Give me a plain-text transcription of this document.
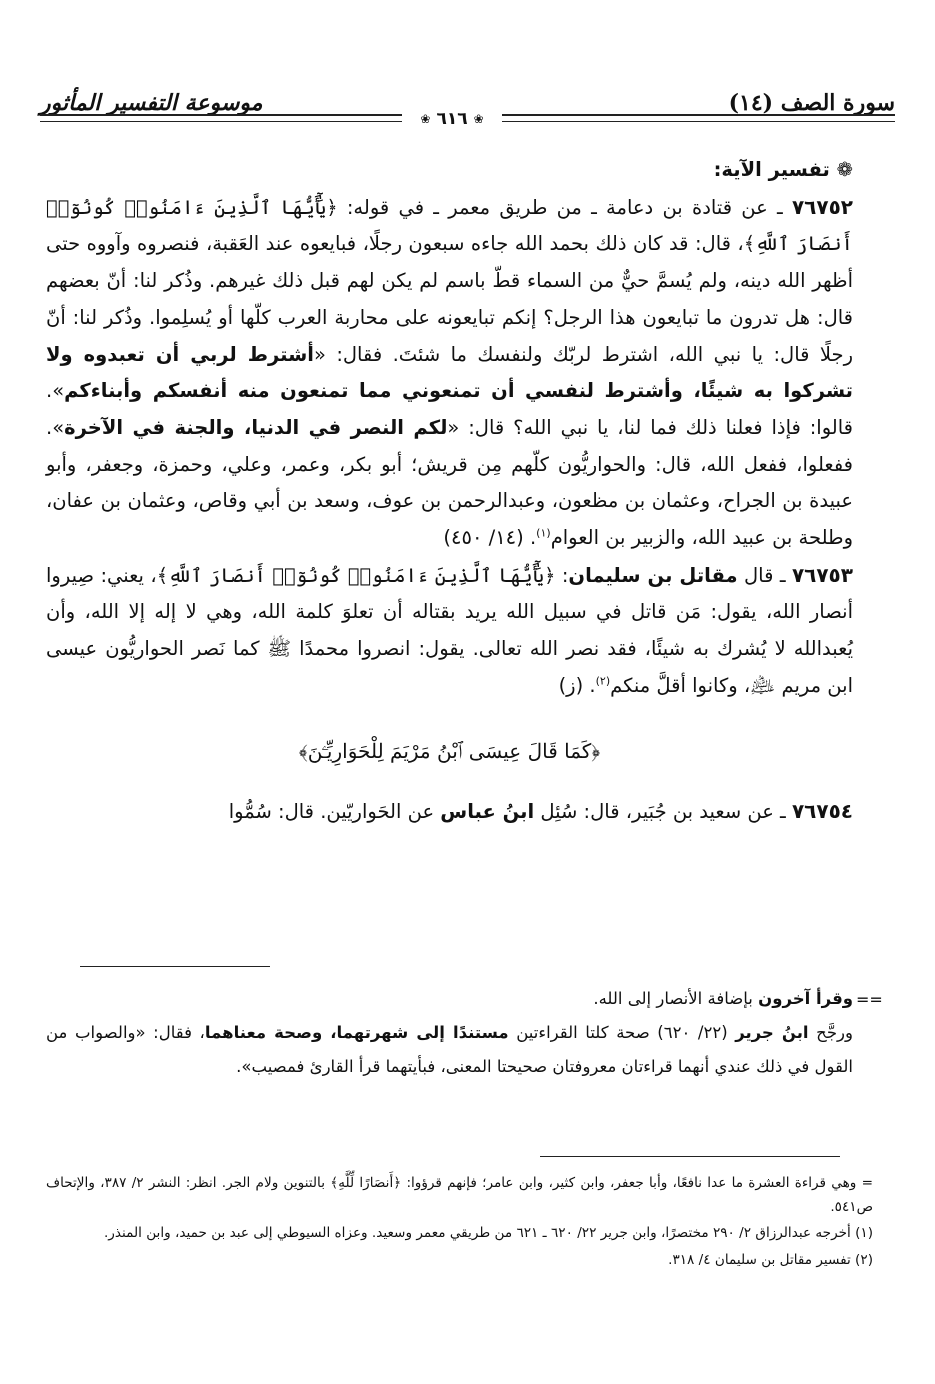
سورة الصف (١٤)
موسوعة التفسير المأثور
❀
٦١٦
❀

❁ تفسير الآية:

٧٦٧٥٢ ـ عن قتادة بن دعامة ـ من طريق معمر ـ في قوله: ﴿يَٰٓأَيُّهَا ٱلَّذِينَ ءَامَنُوا۟ كُونُوٓا۟ أَنصَارَ ٱللَّهِ﴾، قال: قد كان ذلك بحمد الله جاءه سبعون رجلًا، فبايعوه عند العَقبة، فنصروه وآووه حتى أظهر الله دينه، ولم يُسمَّ حيٌّ من السماء قطّ باسم لم يكن لهم قبل ذلك غيرهم. وذُكر لنا: أنّ بعضهم قال: هل تدرون ما تبايعون هذا الرجل؟ إنكم تبايعونه على محاربة العرب كلّها أو يُسلِموا. وذُكر لنا: أنّ رجلًا قال: يا نبي الله، اشترط لربّك ولنفسك ما شئتَ. فقال: «أشترط لربي أن تعبدوه ولا تشركوا به شيئًا، وأشترط لنفسي أن تمنعوني مما تمنعون منه أنفسكم وأبناءكم». قالوا: فإذا فعلنا ذلك فما لنا، يا نبي الله؟ قال: «لكم النصر في الدنيا، والجنة في الآخرة». ففعلوا، ففعل الله، قال: والحواريُّون كلّهم مِن قريش؛ أبو بكر، وعمر، وعلي، وحمزة، وجعفر، وأبو عبيدة بن الجراح، وعثمان بن مظعون، وعبدالرحمن بن عوف، وسعد بن أبي وقاص، وعثمان بن عفان، وطلحة بن عبيد الله، والزبير بن العوام$^{(١)}$. (١٤/ ٤٥٠)

٧٦٧٥٣ ـ قال مقاتل بن سليمان: ﴿يَٰٓأَيُّهَا ٱلَّذِينَ ءَامَنُوا۟ كُونُوٓا۟ أَنصَارَ ٱللَّهِ﴾، يعني: صِيروا أنصار الله، يقول: مَن قاتل في سبيل الله يريد بقتاله أن تعلوَ كلمة الله، وهي لا إله إلا الله، وأن يُعبدالله لا يُشرك به شيئًا، فقد نصر الله تعالى. يقول: انصروا محمدًا ﷺ كما نَصر الحواريُّون عيسى ابن مريم ﵇، وكانوا أقلَّ منكم$^{(٢)}$. (ز)

﴿كَمَا قَالَ عِيسَى ٱبْنُ مَرْيَمَ لِلْحَوَارِيِّـۧنَ﴾

٧٦٧٥٤ ـ عن سعيد بن جُبَير، قال: سُئِل ابنُ عباس عن الحَواريّين. قال: سُمُّوا

==

وقرأ آخرون بإضافة الأنصار إلى الله.

ورجَّح ابنُ جرير (٢٢/ ٦٢٠) صحة كلتا القراءتين مستندًا إلى شهرتهما، وصحة معناهما، فقال: «والصواب من القول في ذلك عندي أنهما قراءتان معروفتان صحيحتا المعنى، فبأيتهما قرأ القارئ فمصيب».

= وهي قراءة العشرة ما عدا نافعًا، وأبا جعفر، وابن كثير، وابن عامر؛ فإنهم قرؤوا: ﴿أَنصَارًا لِّلَّهِ﴾ بالتنوين ولام الجر. انظر: النشر ٢/ ٣٨٧، والإتحاف ص٥٤١.

(١) أخرجه عبدالرزاق ٢/ ٢٩٠ مختصرًا، وابن جرير ٢٢/ ٦٢٠ ـ ٦٢١ من طريقي معمر وسعيد. وعزاه السيوطي إلى عبد بن حميد، وابن المنذر.

(٢) تفسير مقاتل بن سليمان ٤/ ٣١٨.
